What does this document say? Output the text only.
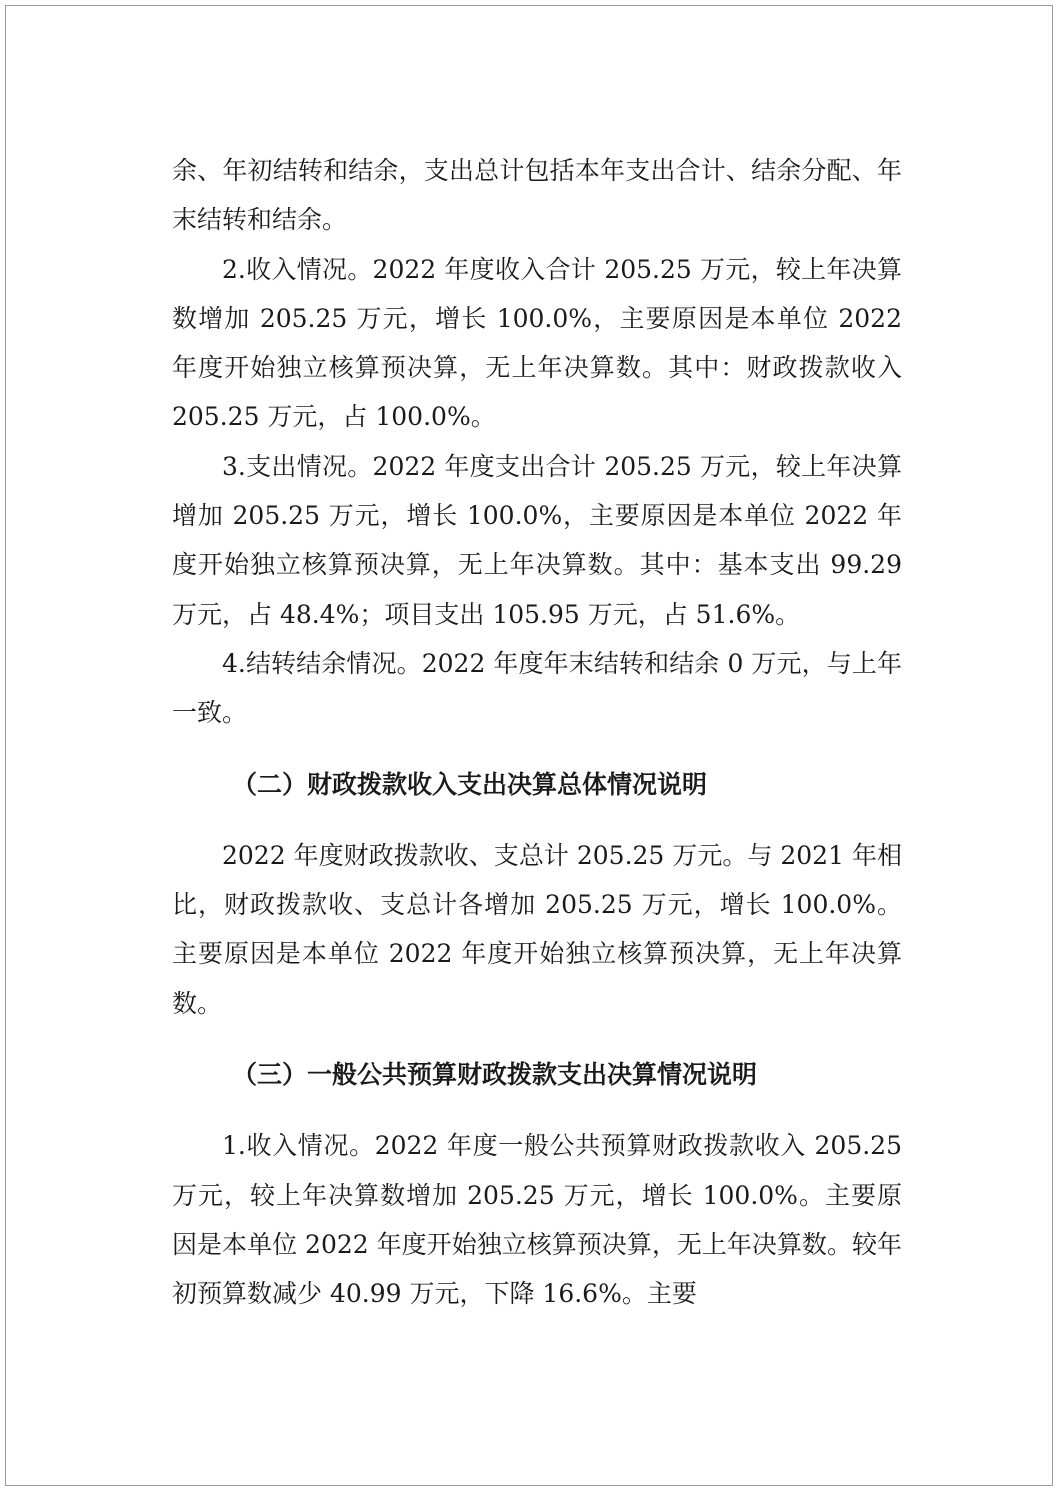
余、年初结转和结余，支出总计包括本年支出合计、结余分配、年末结转和结余。

2.收入情况。2022 年度收入合计 205.25 万元，较上年决算数增加 205.25 万元，增长 100.0%，主要原因是本单位 2022 年度开始独立核算预决算，无上年决算数。其中：财政拨款收入 205.25 万元，占 100.0%。

3.支出情况。2022 年度支出合计 205.25 万元，较上年决算增加 205.25 万元，增长 100.0%，主要原因是本单位 2022 年度开始独立核算预决算，无上年决算数。其中：基本支出 99.29 万元，占 48.4%；项目支出 105.95 万元，占 51.6%。

4.结转结余情况。2022 年度年末结转和结余 0 万元，与上年一致。

（二）财政拨款收入支出决算总体情况说明

2022 年度财政拨款收、支总计 205.25 万元。与 2021 年相比，财政拨款收、支总计各增加 205.25 万元，增长 100.0%。主要原因是本单位 2022 年度开始独立核算预决算，无上年决算数。

（三）一般公共预算财政拨款支出决算情况说明

1.收入情况。2022 年度一般公共预算财政拨款收入 205.25 万元，较上年决算数增加 205.25 万元，增长 100.0%。主要原因是本单位 2022 年度开始独立核算预决算，无上年决算数。较年初预算数减少 40.99 万元，下降 16.6%。主要
